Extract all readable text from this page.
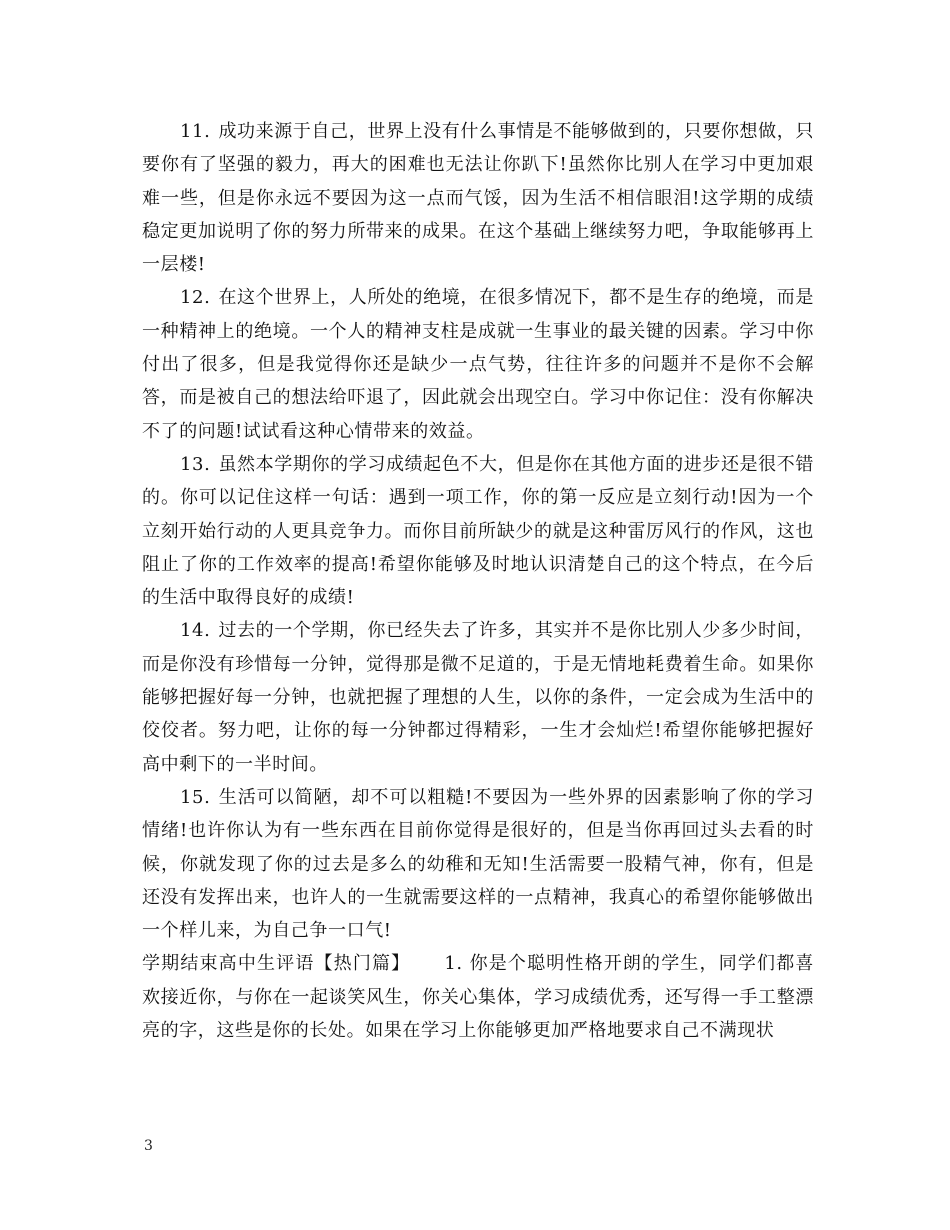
11. 成功来源于自己，世界上没有什么事情是不能够做到的，只要你想做，只要你有了坚强的毅力，再大的困难也无法让你趴下!虽然你比别人在学习中更加艰难一些，但是你永远不要因为这一点而气馁，因为生活不相信眼泪!这学期的成绩稳定更加说明了你的努力所带来的成果。在这个基础上继续努力吧，争取能够再上一层楼!

12. 在这个世界上，人所处的绝境，在很多情况下，都不是生存的绝境，而是一种精神上的绝境。一个人的精神支柱是成就一生事业的最关键的因素。学习中你付出了很多，但是我觉得你还是缺少一点气势，往往许多的问题并不是你不会解答，而是被自己的想法给吓退了，因此就会出现空白。学习中你记住：没有你解决不了的问题!试试看这种心情带来的效益。

13. 虽然本学期你的学习成绩起色不大，但是你在其他方面的进步还是很不错的。你可以记住这样一句话：遇到一项工作，你的第一反应是立刻行动!因为一个立刻开始行动的人更具竞争力。而你目前所缺少的就是这种雷厉风行的作风，这也阻止了你的工作效率的提高!希望你能够及时地认识清楚自己的这个特点，在今后的生活中取得良好的成绩!

14. 过去的一个学期，你已经失去了许多，其实并不是你比别人少多少时间，而是你没有珍惜每一分钟，觉得那是微不足道的，于是无情地耗费着生命。如果你能够把握好每一分钟，也就把握了理想的人生，以你的条件，一定会成为生活中的佼佼者。努力吧，让你的每一分钟都过得精彩，一生才会灿烂!希望你能够把握好高中剩下的一半时间。

15. 生活可以简陋，却不可以粗糙!不要因为一些外界的因素影响了你的学习情绪!也许你认为有一些东西在目前你觉得是很好的，但是当你再回过头去看的时候，你就发现了你的过去是多么的幼稚和无知!生活需要一股精气神，你有，但是还没有发挥出来，也许人的一生就需要这样的一点精神，我真心的希望你能够做出一个样儿来，为自己争一口气!

学期结束高中生评语【热门篇】 1. 你是个聪明性格开朗的学生，同学们都喜欢接近你，与你在一起谈笑风生，你关心集体，学习成绩优秀，还写得一手工整漂亮的字，这些是你的长处。如果在学习上你能够更加严格地要求自己不满现状

3
